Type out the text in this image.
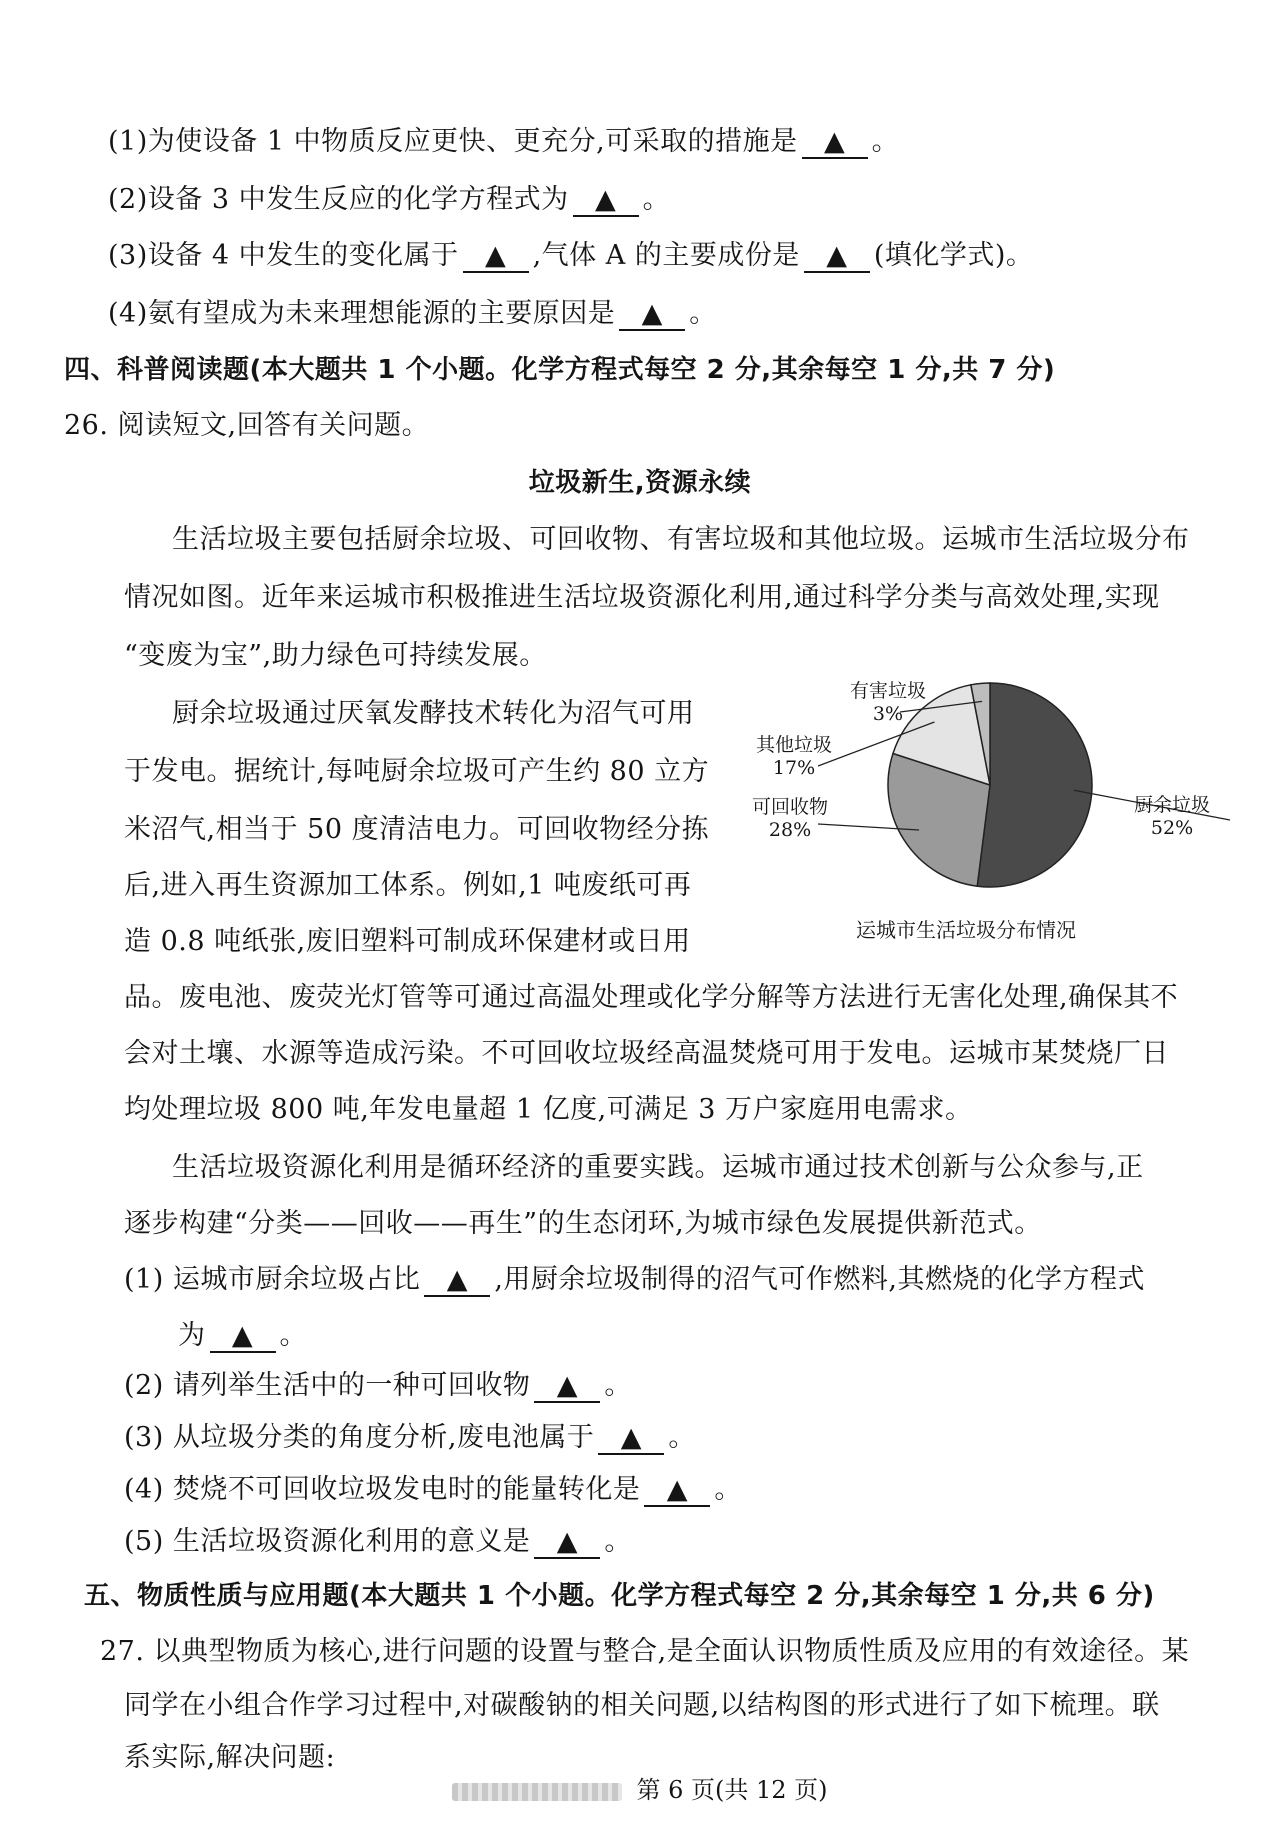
(1)为使设备 1 中物质反应更快、更充分,可采取的措施是 ▲ 。
(2)设备 3 中发生反应的化学方程式为 ▲ 。
(3)设备 4 中发生的变化属于 ▲ ,气体 A 的主要成份是 ▲ (填化学式)。
(4)氨有望成为未来理想能源的主要原因是 ▲ 。
四、科普阅读题(本大题共 1 个小题。化学方程式每空 2 分,其余每空 1 分,共 7 分)
26. 阅读短文,回答有关问题。
垃圾新生,资源永续
生活垃圾主要包括厨余垃圾、可回收物、有害垃圾和其他垃圾。运城市生活垃圾分布
情况如图。近年来运城市积极推进生活垃圾资源化利用,通过科学分类与高效处理,实现
“变废为宝”,助力绿色可持续发展。
厨余垃圾通过厌氧发酵技术转化为沼气可用
于发电。据统计,每吨厨余垃圾可产生约 80 立方
米沼气,相当于 50 度清洁电力。可回收物经分拣
后,进入再生资源加工体系。例如,1 吨废纸可再
造 0.8 吨纸张,废旧塑料可制成环保建材或日用
有害垃圾
3%
其他垃圾
17%
可回收物
28%
厨余垃圾
52%
运城市生活垃圾分布情况
品。废电池、废荧光灯管等可通过高温处理或化学分解等方法进行无害化处理,确保其不
会对土壤、水源等造成污染。不可回收垃圾经高温焚烧可用于发电。运城市某焚烧厂日
均处理垃圾 800 吨,年发电量超 1 亿度,可满足 3 万户家庭用电需求。
生活垃圾资源化利用是循环经济的重要实践。运城市通过技术创新与公众参与,正
逐步构建“分类——回收——再生”的生态闭环,为城市绿色发展提供新范式。
(1) 运城市厨余垃圾占比 ▲ ,用厨余垃圾制得的沼气可作燃料,其燃烧的化学方程式
为 ▲ 。
(2) 请列举生活中的一种可回收物 ▲ 。
(3) 从垃圾分类的角度分析,废电池属于 ▲ 。
(4) 焚烧不可回收垃圾发电时的能量转化是 ▲ 。
(5) 生活垃圾资源化利用的意义是 ▲ 。
五、物质性质与应用题(本大题共 1 个小题。化学方程式每空 2 分,其余每空 1 分,共 6 分)
27. 以典型物质为核心,进行问题的设置与整合,是全面认识物质性质及应用的有效途径。某
同学在小组合作学习过程中,对碳酸钠的相关问题,以结构图的形式进行了如下梳理。联
系实际,解决问题:
第 6 页(共 12 页)
